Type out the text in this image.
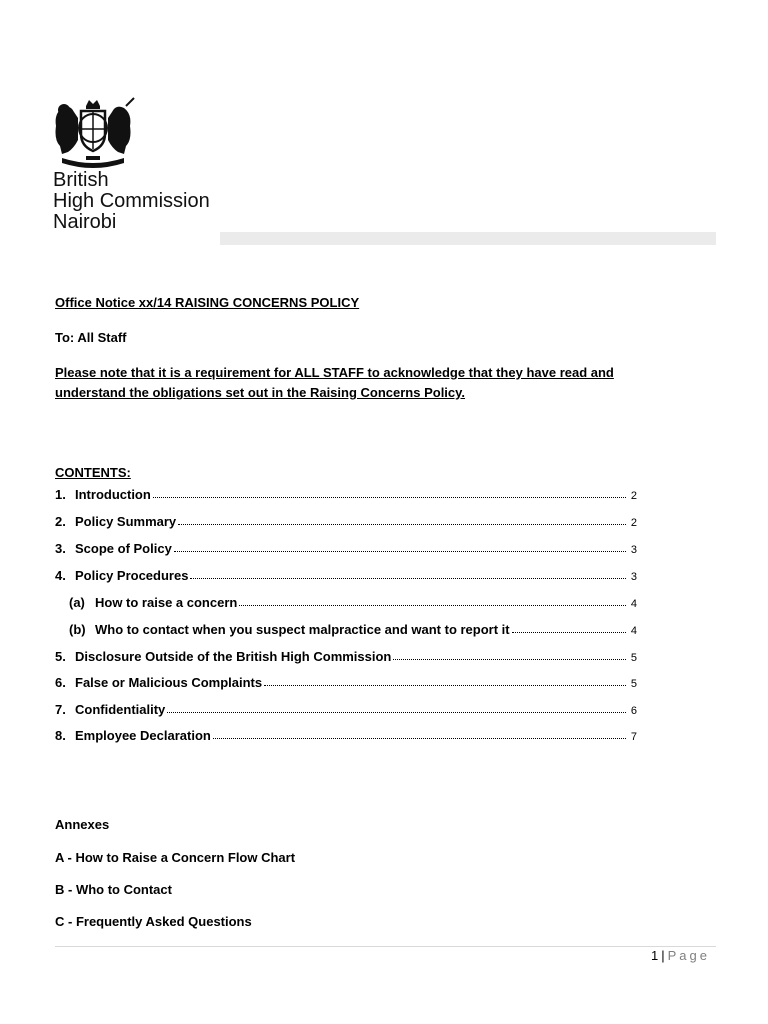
British
High Commission
Nairobi
Office Notice xx/14 RAISING CONCERNS POLICY
To: All Staff
Please note that it is a requirement for ALL STAFF to acknowledge that they have read and understand the obligations set out in the Raising Concerns Policy.
CONTENTS:
1. Introduction	2
2. Policy Summary	2
3. Scope of Policy	3
4. Policy Procedures	3
(a) How to raise a concern	4
(b) Who to contact when you suspect malpractice and want to report it	4
5. Disclosure Outside of the British High Commission	5
6. False or Malicious Complaints	5
7. Confidentiality	6
8. Employee Declaration	7
Annexes
A - How to Raise a Concern Flow Chart
B - Who to Contact
C - Frequently Asked Questions
1 | Page
